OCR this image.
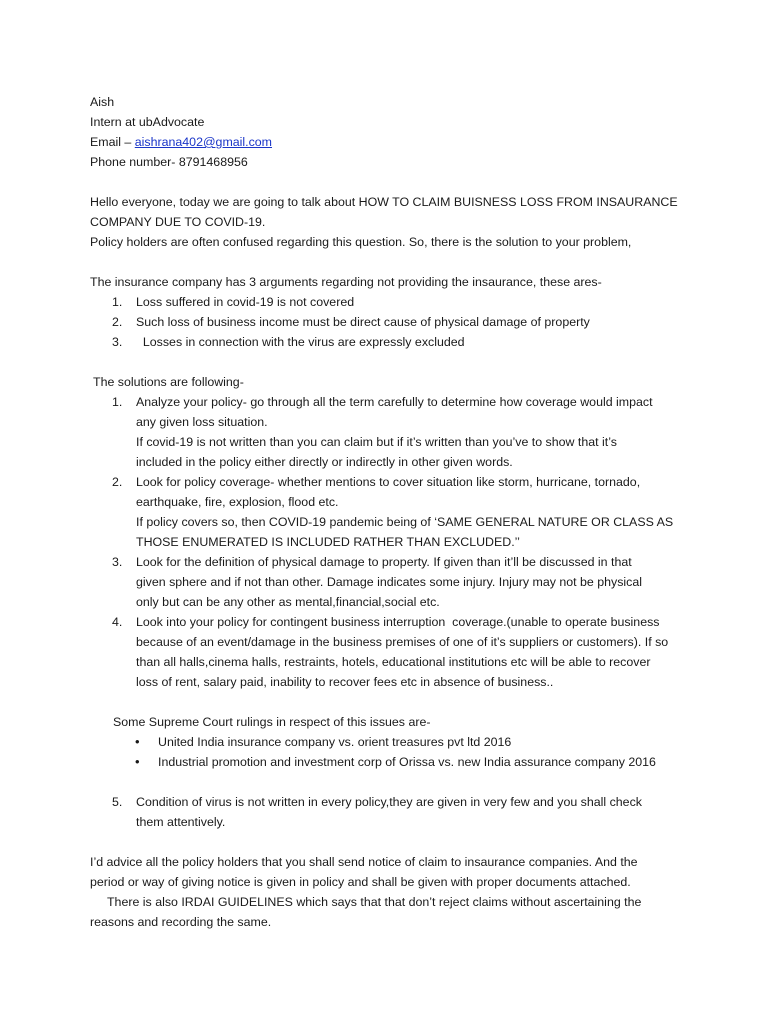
Aish
Intern at ubAdvocate
Email – aishrana402@gmail.com
Phone number- 8791468956
Hello everyone, today we are going to talk about HOW TO CLAIM BUISNESS LOSS FROM INSAURANCE
COMPANY DUE TO COVID-19.
Policy holders are often confused regarding this question. So, there is the solution to your problem,
The insurance company has 3 arguments regarding not providing the insaurance, these ares-
1. Loss suffered in covid-19 is not covered
2. Such loss of business income must be direct cause of physical damage of property
3. Losses in connection with the virus are expressly excluded
The solutions are following-
1. Analyze your policy- go through all the term carefully to determine how coverage would impact
any given loss situation.
If covid-19 is not written than you can claim but if it’s written than you’ve to show that it’s
included in the policy either directly or indirectly in other given words.
2. Look for policy coverage- whether mentions to cover situation like storm, hurricane, tornado,
earthquake, fire, explosion, flood etc.
If policy covers so, then COVID-19 pandemic being of ‘SAME GENERAL NATURE OR CLASS AS
THOSE ENUMERATED IS INCLUDED RATHER THAN EXCLUDED.’’
3. Look for the definition of physical damage to property. If given than it’ll be discussed in that
given sphere and if not than other. Damage indicates some injury. Injury may not be physical
only but can be any other as mental,financial,social etc.
4. Look into your policy for contingent business interruption  coverage.(unable to operate business
because of an event/damage in the business premises of one of it’s suppliers or customers). If so
than all halls,cinema halls, restraints, hotels, educational institutions etc will be able to recover
loss of rent, salary paid, inability to recover fees etc in absence of business..
Some Supreme Court rulings in respect of this issues are-
• United India insurance company vs. orient treasures pvt ltd 2016
• Industrial promotion and investment corp of Orissa vs. new India assurance company 2016
5. Condition of virus is not written in every policy,they are given in very few and you shall check
them attentively.
I’d advice all the policy holders that you shall send notice of claim to insaurance companies. And the
period or way of giving notice is given in policy and shall be given with proper documents attached.
There is also IRDAI GUIDELINES which says that that don’t reject claims without ascertaining the
reasons and recording the same.
